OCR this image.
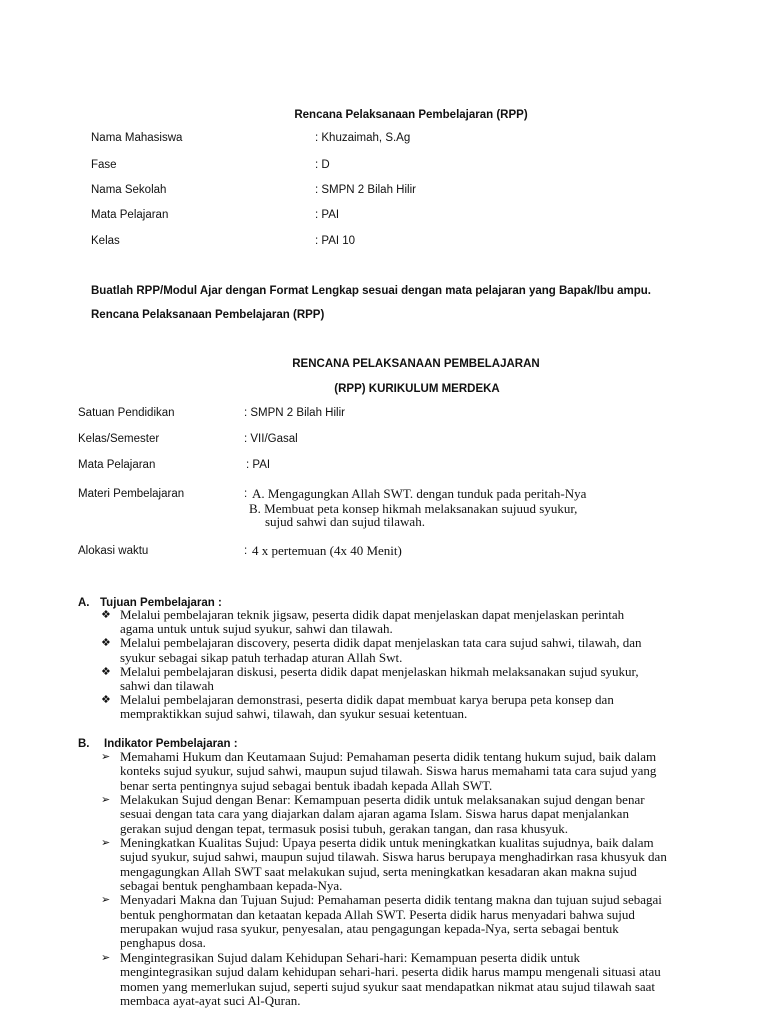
Rencana Pelaksanaan Pembelajaran (RPP)
Nama Mahasiswa	: Khuzaimah, S.Ag
Fase	: D
Nama Sekolah	: SMPN 2 Bilah Hilir
Mata Pelajaran	: PAI
Kelas	: PAI 10
Buatlah RPP/Modul Ajar dengan Format Lengkap sesuai dengan mata pelajaran yang Bapak/Ibu ampu.
Rencana Pelaksanaan Pembelajaran (RPP)
RENCANA PELAKSANAAN PEMBELAJARAN
(RPP) KURIKULUM MERDEKA
Satuan Pendidikan	: SMPN 2 Bilah Hilir
Kelas/Semester	: VII/Gasal
Mata Pelajaran	: PAI
Materi Pembelajaran	: A. Mengagungkan Allah SWT. dengan tunduk pada peritah-Nya
B. Membuat peta konsep hikmah melaksanakan sujuud syukur,
sujud sahwi dan sujud tilawah.
Alokasi waktu	: 4 x pertemuan (4x 40 Menit)
A. Tujuan Pembelajaran :
❖ Melalui pembelajaran teknik jigsaw, peserta didik dapat menjelaskan dapat menjelaskan perintah
agama untuk untuk sujud syukur, sahwi dan tilawah.
❖ Melalui pembelajaran discovery, peserta didik dapat menjelaskan tata cara sujud sahwi, tilawah, dan
syukur sebagai sikap patuh terhadap aturan Allah Swt.
❖ Melalui pembelajaran diskusi, peserta didik dapat menjelaskan hikmah melaksanakan sujud syukur,
sahwi dan tilawah
❖ Melalui pembelajaran demonstrasi, peserta didik dapat membuat karya berupa peta konsep dan
mempraktikkan sujud sahwi, tilawah, dan syukur sesuai ketentuan.
B. Indikator Pembelajaran :
➢ Memahami Hukum dan Keutamaan Sujud: Pemahaman peserta didik tentang hukum sujud, baik dalam
konteks sujud syukur, sujud sahwi, maupun sujud tilawah. Siswa harus memahami tata cara sujud yang
benar serta pentingnya sujud sebagai bentuk ibadah kepada Allah SWT.
➢ Melakukan Sujud dengan Benar: Kemampuan peserta didik untuk melaksanakan sujud dengan benar
sesuai dengan tata cara yang diajarkan dalam ajaran agama Islam. Siswa harus dapat menjalankan
gerakan sujud dengan tepat, termasuk posisi tubuh, gerakan tangan, dan rasa khusyuk.
➢ Meningkatkan Kualitas Sujud: Upaya peserta didik untuk meningkatkan kualitas sujudnya, baik dalam
sujud syukur, sujud sahwi, maupun sujud tilawah. Siswa harus berupaya menghadirkan rasa khusyuk dan
mengagungkan Allah SWT saat melakukan sujud, serta meningkatkan kesadaran akan makna sujud
sebagai bentuk penghambaan kepada-Nya.
➢ Menyadari Makna dan Tujuan Sujud: Pemahaman peserta didik tentang makna dan tujuan sujud sebagai
bentuk penghormatan dan ketaatan kepada Allah SWT. Peserta didik harus menyadari bahwa sujud
merupakan wujud rasa syukur, penyesalan, atau pengagungan kepada-Nya, serta sebagai bentuk
penghapus dosa.
➢ Mengintegrasikan Sujud dalam Kehidupan Sehari-hari: Kemampuan peserta didik untuk
mengintegrasikan sujud dalam kehidupan sehari-hari. peserta didik harus mampu mengenali situasi atau
momen yang memerlukan sujud, seperti sujud syukur saat mendapatkan nikmat atau sujud tilawah saat
membaca ayat-ayat suci Al-Quran.
